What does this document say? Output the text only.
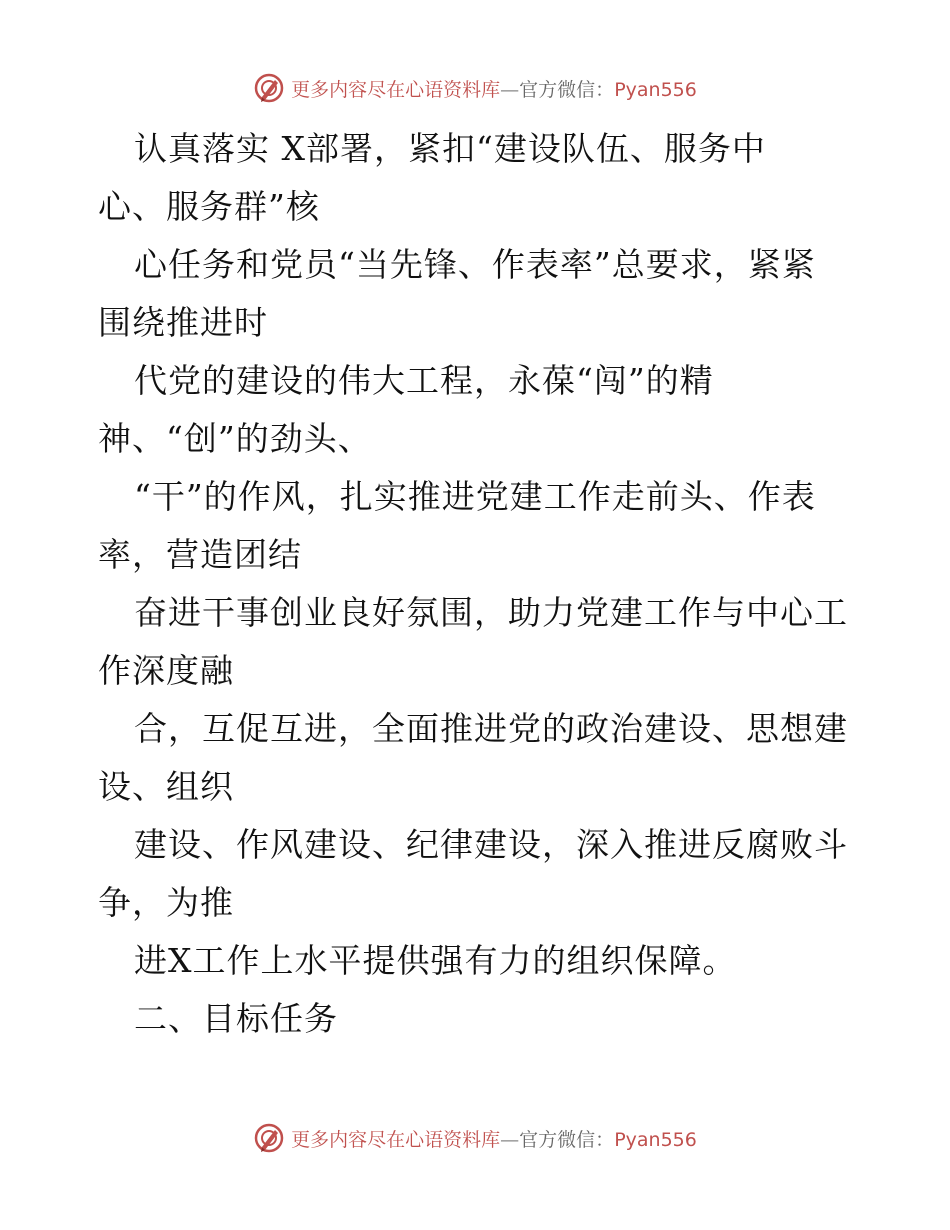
更多内容尽在心语资料库—官方微信：Pyan556
认真落实 X部署，紧扣“建设队伍、服务中
心、服务群”核
心任务和党员“当先锋、作表率”总要求，紧紧
围绕推进时
代党的建设的伟大工程，永葆“闯”的精
神、“创”的劲头、
“干”的作风，扎实推进党建工作走前头、作表
率，营造团结
奋进干事创业良好氛围，助力党建工作与中心工
作深度融
合，互促互进，全面推进党的政治建设、思想建
设、组织
建设、作风建设、纪律建设，深入推进反腐败斗
争，为推
进X工作上水平提供强有力的组织保障。
二、目标任务
更多内容尽在心语资料库—官方微信：Pyan556
